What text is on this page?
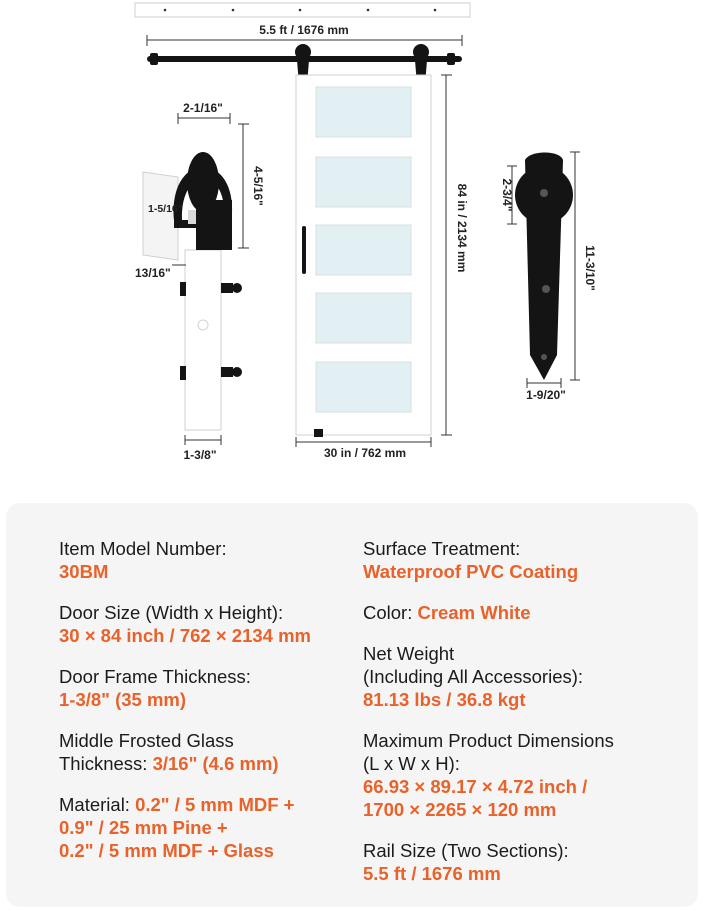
5.5 ft / 1676 mm
84 in / 2134 mm
30 in / 762 mm
2-1/16"
4-5/16"
1-5/16"
13/16"
1-3/8"
2-3/4"
11-3/10"
1-9/20"
Item Model Number:
30BM
Door Size (Width x Height):
30 × 84 inch / 762 × 2134 mm
Door Frame Thickness:
1-3/8" (35 mm)
Middle Frosted Glass
Thickness: 3/16" (4.6 mm)
Material: 0.2" / 5 mm MDF +
0.9" / 25 mm Pine +
0.2" / 5 mm MDF + Glass
Surface Treatment:
Waterproof PVC Coating
Color: Cream White
Net Weight
(Including All Accessories):
81.13 lbs / 36.8 kgt
Maximum Product Dimensions
(L x W x H):
66.93 × 89.17 × 4.72 inch /
1700 × 2265 × 120 mm
Rail Size (Two Sections):
5.5 ft / 1676 mm
